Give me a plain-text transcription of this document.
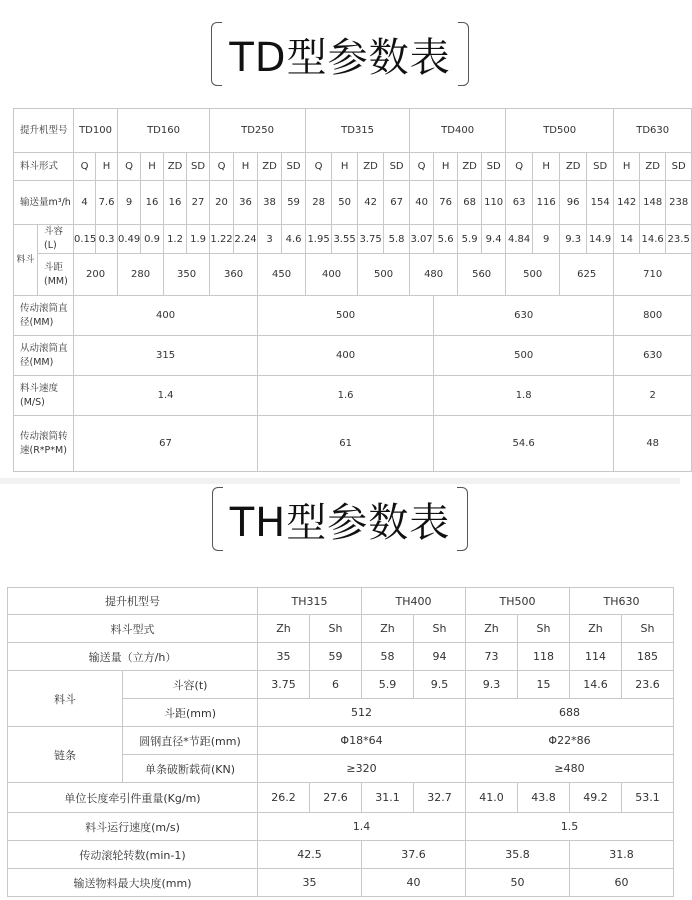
TD型参数表
提升机型号		TD100		TD160				TD250				TD315				TD400				TD500				TD630		
料斗形式		Q	H	Q	H	ZD	SD	Q	H	ZD	SD	Q	H	ZD	SD	Q	H	ZD	SD	Q	H	ZD	SD	H	ZD	SD
输送量m³/h		4	7.6	9	16	16	27	20	36	38	59	28	50	42	67	40	76	68	110	63	116	96	154	142	148	238
料斗	斗容(L)	0.15	0.3	0.49	0.9	1.2	1.9	1.22	2.24	3	4.6	1.95	3.55	3.75	5.8	3.07	5.6	5.9	9.4	4.84	9	9.3	14.9	14	14.6	23.5
	斗距(MM)	200		280		350		360		450		400		500		480		560		500		625		710		
传动滚筒直径(MM)		400								500							630							800		
从动滚筒直径(MM)		315								400							500							630		
料斗速度(M/S)		1.4								1.6							1.8							2		
传动滚筒转速(R*P*M)		67								61							54.6							48		
TH型参数表
提升机型号		TH315		TH400		TH500		TH630	
料斗型式		Zh	Sh	Zh	Sh	Zh	Sh	Zh	Sh
输送量（立方/h）		35	59	58	94	73	118	114	185
料斗	斗容(t)	3.75	6	5.9	9.5	9.3	15	14.6	23.6
	斗距(mm)	512				688			
链条	圆钢直径*节距(mm)	Φ18*64				Φ22*86			
	单条破断载荷(KN)	≥320				≥480			
单位长度牵引件重量(Kg/m)		26.2	27.6	31.1	32.7	41.0	43.8	49.2	53.1
料斗运行速度(m/s)		1.4				1.5			
传动滚轮转数(min-1)		42.5		37.6		35.8		31.8	
输送物料最大块度(mm)		35		40		50		60	
